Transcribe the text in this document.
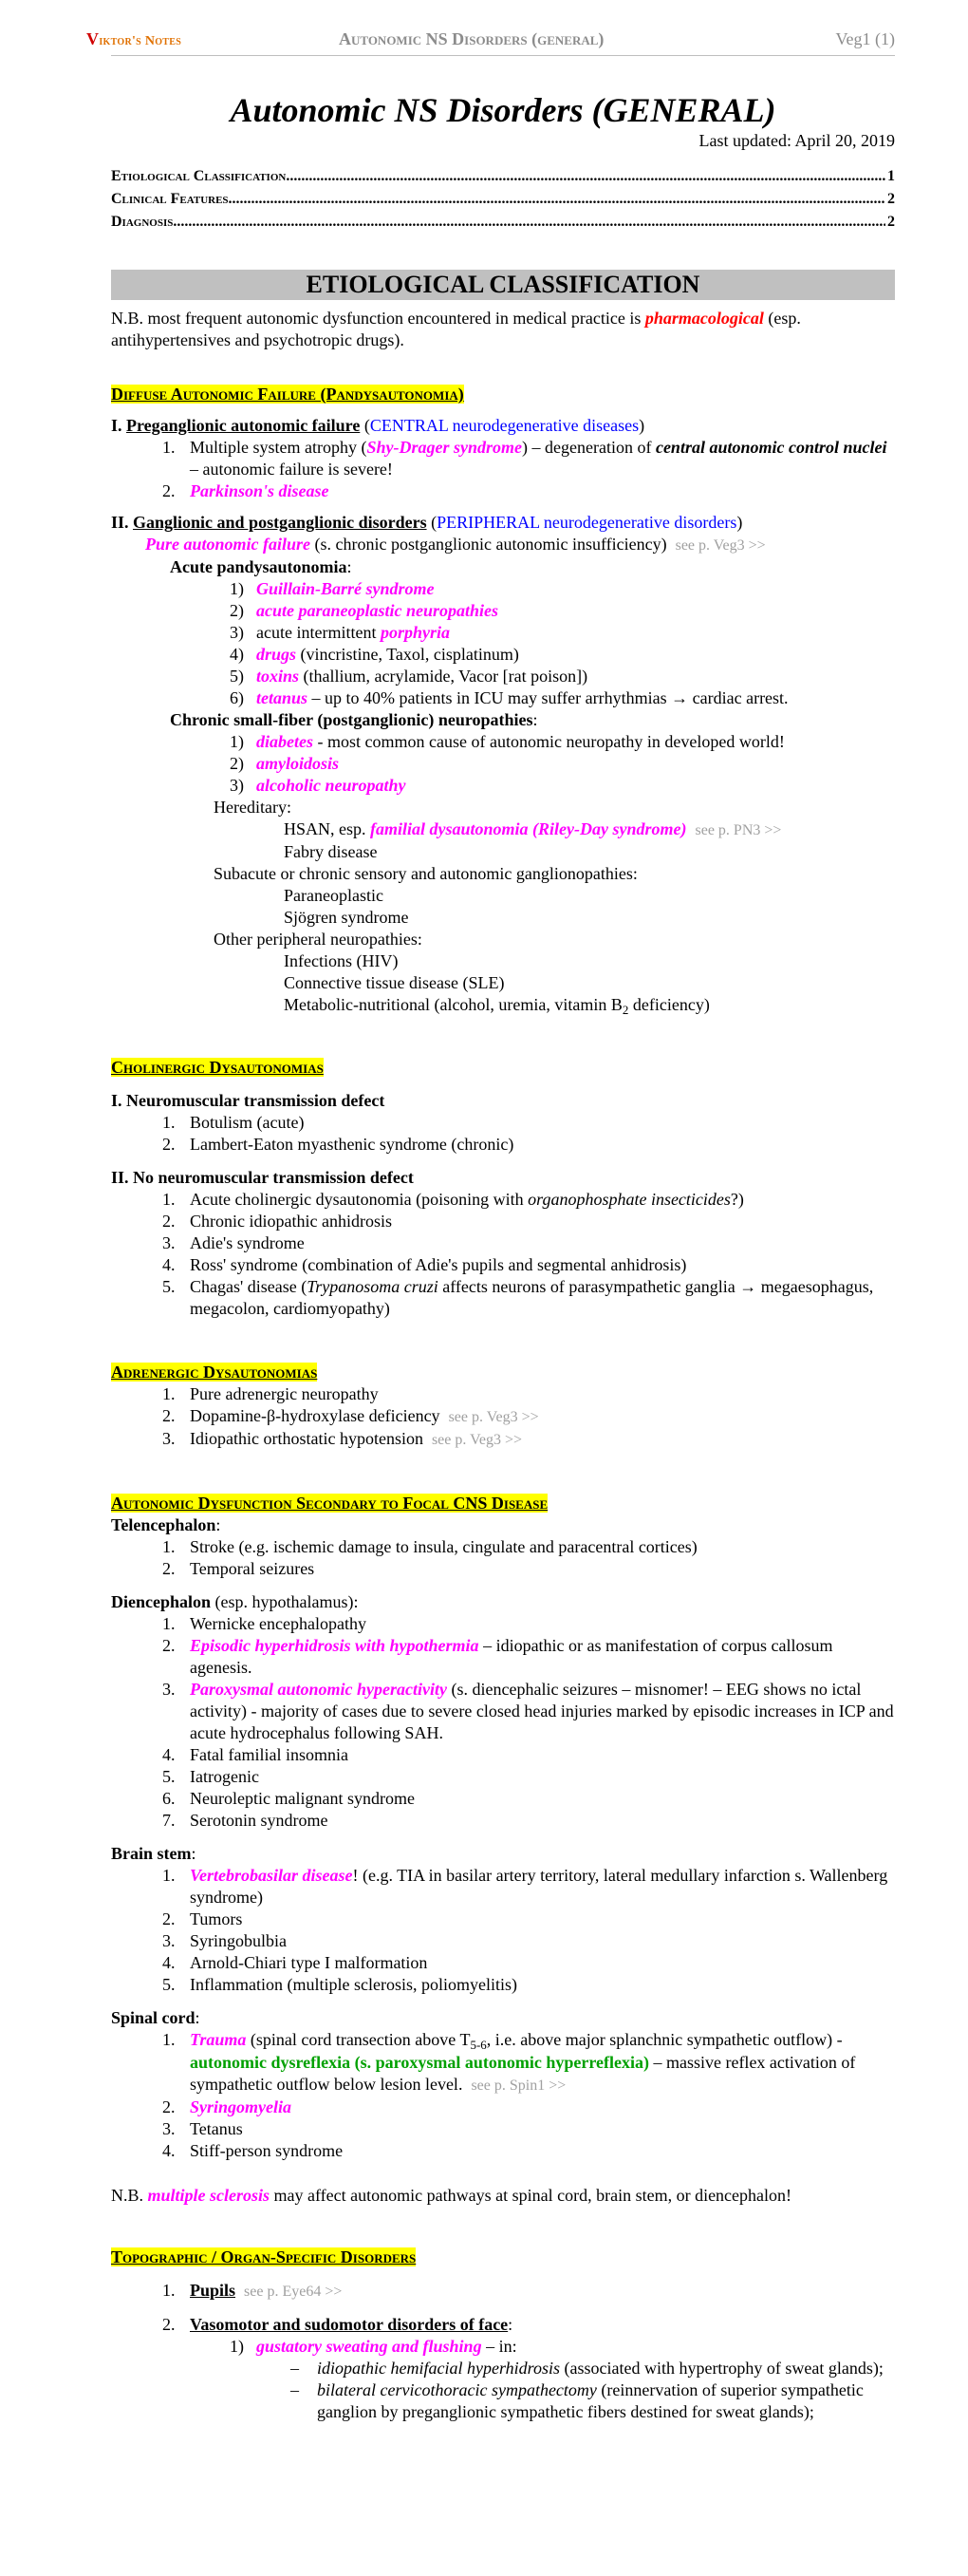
Viktor's Notes	Autonomic NS Disorders (general)	Veg1 (1)
Autonomic NS Disorders (GENERAL)
Last updated: April 20, 2019
Etiological Classification .....	1
Clinical Features .....	2
Diagnosis .....	2
ETIOLOGICAL CLASSIFICATION

N.B. most frequent autonomic dysfunction encountered in medical practice is pharmacological (esp. antihypertensives and psychotropic drugs).

Diffuse Autonomic Failure (Pandysautonomia)

I. Preganglionic autonomic failure (CENTRAL neurodegenerative diseases)

1. Multiple system atrophy (Shy-Drager syndrome) – degeneration of central autonomic control nuclei – autonomic failure is severe!
2. Parkinson's disease

II. Ganglionic and postganglionic disorders (PERIPHERAL neurodegenerative disorders)

Pure autonomic failure (s. chronic postganglionic autonomic insufficiency) see p. Veg3 >>
Acute pandysautonomia:
1) Guillain-Barré syndrome
2) acute paraneoplastic neuropathies
3) acute intermittent porphyria
4) drugs (vincristine, Taxol, cisplatinum)
5) toxins (thallium, acrylamide, Vacor [rat poison])
6) tetanus – up to 40% patients in ICU may suffer arrhythmias → cardiac arrest.
Chronic small-fiber (postganglionic) neuropathies:
1) diabetes - most common cause of autonomic neuropathy in developed world!
2) amyloidosis
3) alcoholic neuropathy
Hereditary:
HSAN, esp. familial dysautonomia (Riley-Day syndrome) see p. PN3 >>
Fabry disease
Subacute or chronic sensory and autonomic ganglionopathies:
Paraneoplastic
Sjögren syndrome
Other peripheral neuropathies:
Infections (HIV)
Connective tissue disease (SLE)
Metabolic-nutritional (alcohol, uremia, vitamin $B_2$ deficiency)

Cholinergic Dysautonomias

I. Neuromuscular transmission defect

1. Botulism (acute)
2. Lambert-Eaton myasthenic syndrome (chronic)

II. No neuromuscular transmission defect

1. Acute cholinergic dysautonomia (poisoning with organophosphate insecticides?)
2. Chronic idiopathic anhidrosis
3. Adie's syndrome
4. Ross' syndrome (combination of Adie's pupils and segmental anhidrosis)
5. Chagas' disease (Trypanosoma cruzi affects neurons of parasympathetic ganglia → megaesophagus, megacolon, cardiomyopathy)

Adrenergic Dysautonomias

1. Pure adrenergic neuropathy
2. Dopamine-β-hydroxylase deficiency see p. Veg3 >>
3. Idiopathic orthostatic hypotension see p. Veg3 >>

Autonomic Dysfunction Secondary to Focal CNS Disease

Telencephalon:

1. Stroke (e.g. ischemic damage to insula, cingulate and paracentral cortices)
2. Temporal seizures

Diencephalon (esp. hypothalamus):

1. Wernicke encephalopathy
2. Episodic hyperhidrosis with hypothermia – idiopathic or as manifestation of corpus callosum agenesis.
3. Paroxysmal autonomic hyperactivity (s. diencephalic seizures – misnomer! – EEG shows no ictal activity) - majority of cases due to severe closed head injuries marked by episodic increases in ICP and acute hydrocephalus following SAH.
4. Fatal familial insomnia
5. Iatrogenic
6. Neuroleptic malignant syndrome
7. Serotonin syndrome

Brain stem:

1. Vertebrobasilar disease! (e.g. TIA in basilar artery territory, lateral medullary infarction s. Wallenberg syndrome)
2. Tumors
3. Syringobulbia
4. Arnold-Chiari type I malformation
5. Inflammation (multiple sclerosis, poliomyelitis)

Spinal cord:

1. Trauma (spinal cord transection above $T_{5-6}$, i.e. above major splanchnic sympathetic outflow) - autonomic dysreflexia (s. paroxysmal autonomic hyperreflexia) – massive reflex activation of sympathetic outflow below lesion level. see p. Spin1 >>
2. Syringomyelia
3. Tetanus
4. Stiff-person syndrome

N.B. multiple sclerosis may affect autonomic pathways at spinal cord, brain stem, or diencephalon!

Topographic / Organ-Specific Disorders

1. Pupils see p. Eye64 >>
2. Vasomotor and sudomotor disorders of face:
1) gustatory sweating and flushing – in:
– idiopathic hemifacial hyperhidrosis (associated with hypertrophy of sweat glands);
– bilateral cervicothoracic sympathectomy (reinnervation of superior sympathetic ganglion by preganglionic sympathetic fibers destined for sweat glands);
